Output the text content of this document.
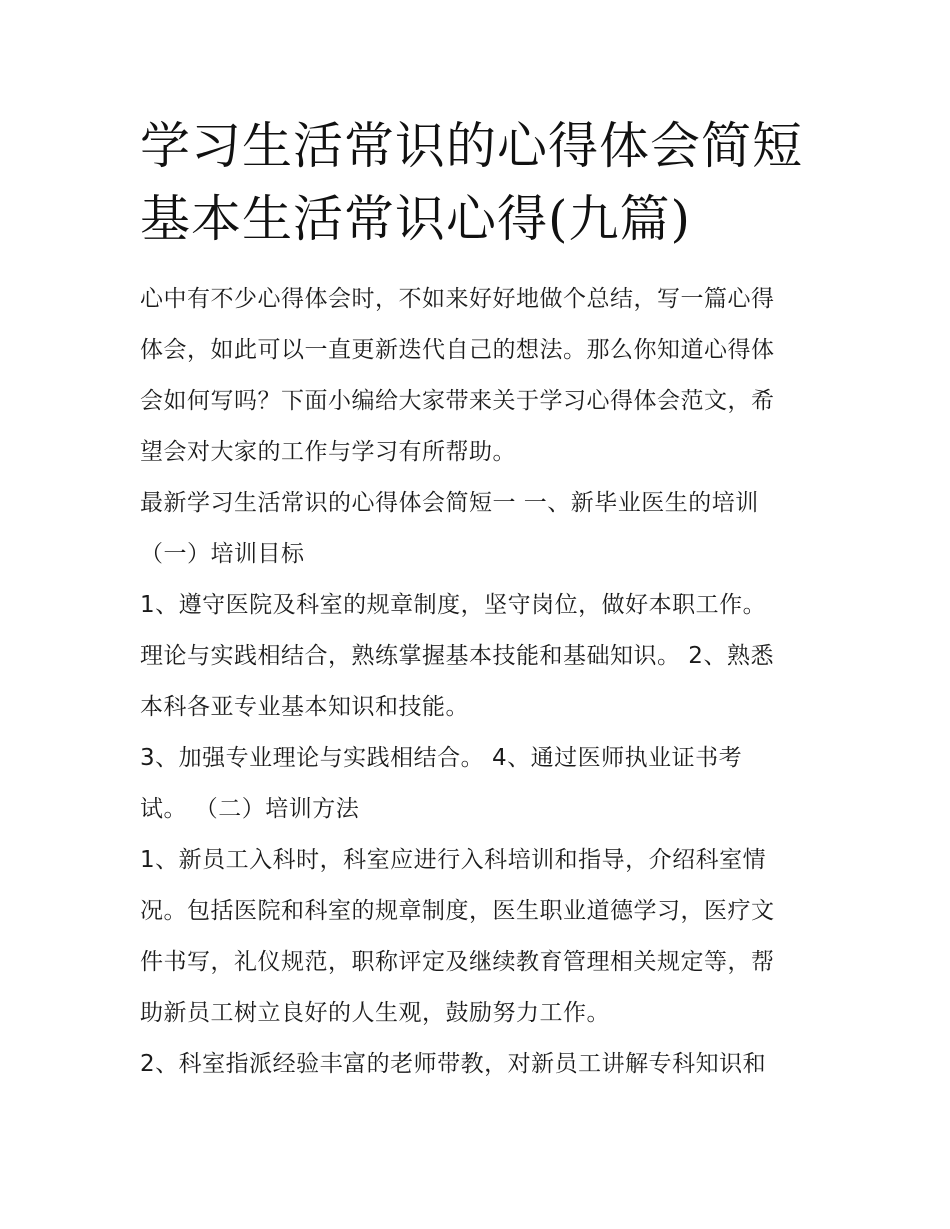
学习生活常识的心得体会简短
基本生活常识心得(九篇)
心中有不少心得体会时，不如来好好地做个总结，写一篇心得
体会，如此可以一直更新迭代自己的想法。那么你知道心得体
会如何写吗？下面小编给大家带来关于学习心得体会范文，希
望会对大家的工作与学习有所帮助。
最新学习生活常识的心得体会简短一 一、新毕业医生的培训
（一）培训目标
1、遵守医院及科室的规章制度，坚守岗位，做好本职工作。
理论与实践相结合，熟练掌握基本技能和基础知识。 2、熟悉
本科各亚专业基本知识和技能。
3、加强专业理论与实践相结合。 4、通过医师执业证书考
试。 （二）培训方法
1、新员工入科时，科室应进行入科培训和指导，介绍科室情
况。包括医院和科室的规章制度，医生职业道德学习，医疗文
件书写，礼仪规范，职称评定及继续教育管理相关规定等，帮
助新员工树立良好的人生观，鼓励努力工作。
2、科室指派经验丰富的老师带教，对新员工讲解专科知识和
